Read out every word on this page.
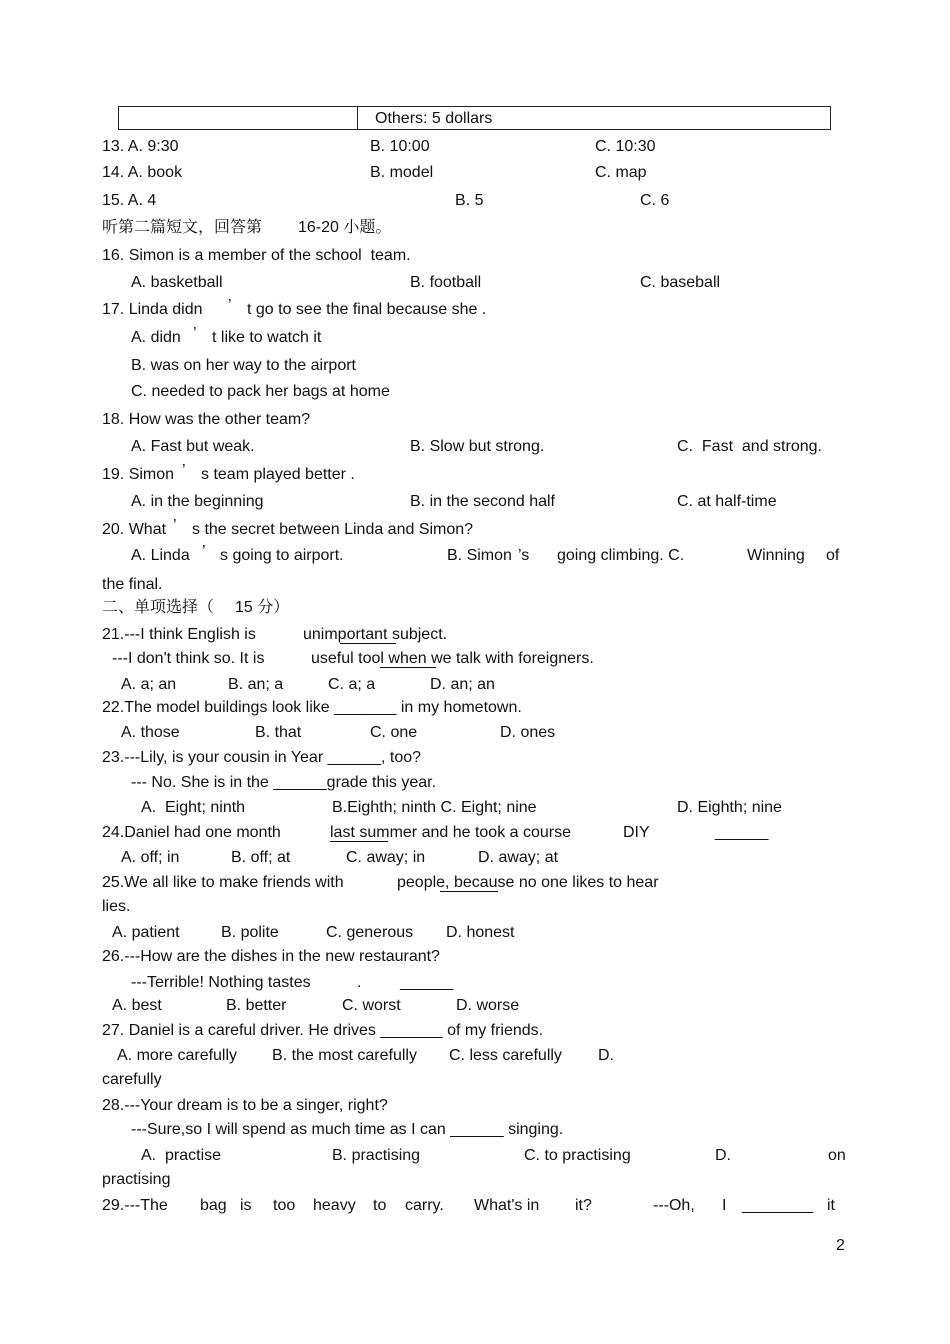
Others: 5 dollars
13. A. 9:30	B. 10:00	C. 10:30
14. A. book	B. model	C. map
15. A. 4	B. 5	C. 6
听第二篇短文，回答第 16-20 小题。
16. Simon is a member of the school  team.
A. basketball	B. football	C. baseball
17. Linda didn ’ t go to see the final because she .
A. didn ’ t like to watch it
B. was on her way to the airport
C. needed to pack her bags at home
18. How was the other team?
A. Fast but weak.	B. Slow but strong.	C.  Fast  and strong.
19. Simon ’ s team played better .
A. in the beginning	B. in the second half	C. at half-time
20. What ’ s the secret between Linda and Simon?
A. Linda ’ s going to airport.	B. Simon ’s going climbing. C.	Winning of
the final.
二、单项选择（ 15 分）
21.---I think English is	unimportant subject.
---I don't think so. It is	useful tool when we talk with foreigners.
A. a; an	B. an; a	C. a; a	D. an; an
22.The model buildings look like _______ in my hometown.
A. those	B. that	C. one	D. ones
23.---Lily, is your cousin in Year ______, too?
--- No. She is in the ______grade this year.
A.  Eight; ninth	B.Eighth; ninth C. Eight; nine	D. Eighth; nine
24.Daniel had one month	last summer and he took a course	DIY	______
A. off; in	B. off; at	C. away; in	D. away; at
25.We all like to make friends with	people, because no one likes to hear
lies.
A. patient	B. polite	C. generous D. honest
26.---How are the dishes in the new restaurant?
---Terrible! Nothing tastes	. ______
A. best	B. better	C. worst	D. worse
27. Daniel is a careful driver. He drives _______ of my friends.
A. more carefully B. the most carefully C. less carefully D.
carefully
28.---Your dream is to be a singer, right?
---Sure,so I will spend as much time as I can ______ singing.
A.  practise	B. practising	C. to practising	D.	on
practising
29.---The bag is too heavy to carry. What's in it?	---Oh, I ________ it
2
